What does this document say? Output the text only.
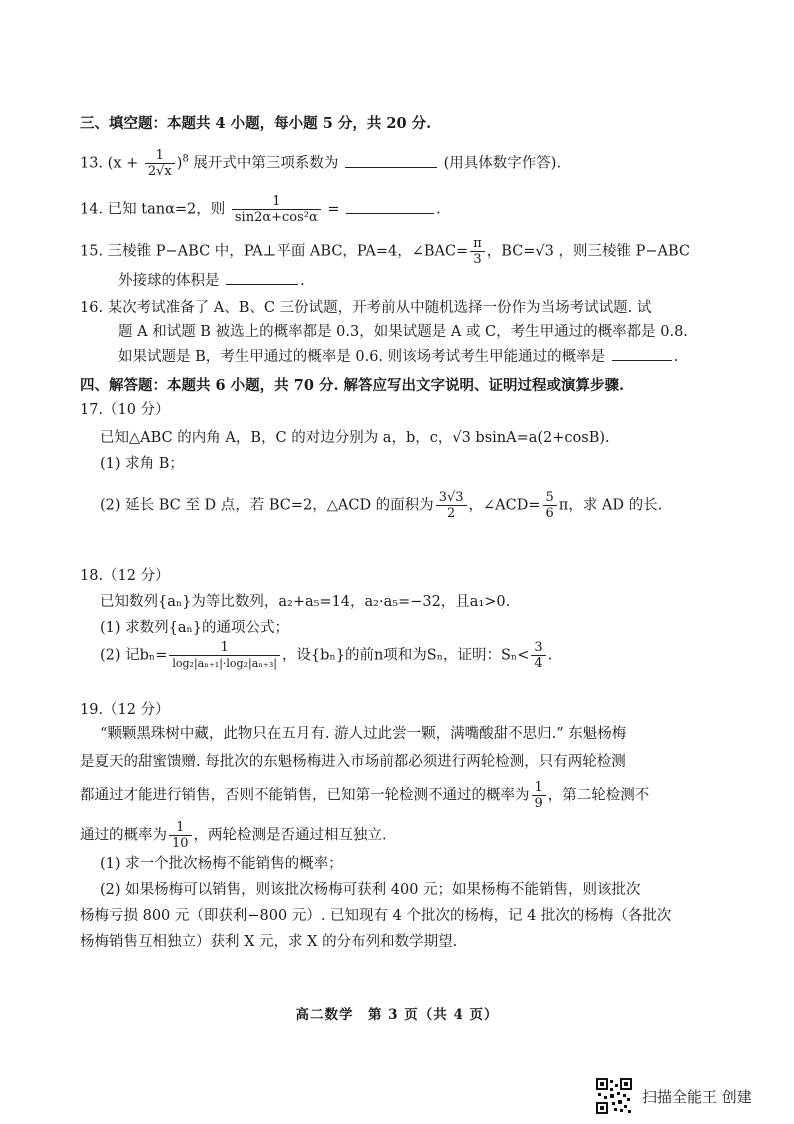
三、填空题：本题共 4 小题，每小题 5 分，共 20 分.
13. $(x + \frac{1}{2√x} )^8$ 展开式中第三项系数为	(用具体数字作答).
14. 已知 tanα=2，则 $\frac{1}{\text{sin2α+cos²α}}$ =	.
15. 三棱锥 P−ABC 中，PA⊥平面 ABC，PA=4，∠BAC= $\frac{\pi}{3}$ ，BC=√3 ，则三棱锥 P−ABC
外接球的体积是	.
16. 某次考试准备了 A、B、C 三份试题，开考前从中随机选择一份作为当场考试试题. 试
题 A 和试题 B 被选上的概率都是 0.3，如果试题是 A 或 C，考生甲通过的概率都是 0.8.
如果试题是 B，考生甲通过的概率是 0.6. 则该场考试考生甲能通过的概率是	.
四、解答题：本题共 6 小题，共 70 分. 解答应写出文字说明、证明过程或演算步骤.
17.（10 分）
已知△ABC 的内角 A，B，C 的对边分别为 a，b，c，√3 bsinA=a(2+cosB).
(1) 求角 B；
(2) 延长 BC 至 D 点，若 BC=2，△ACD 的面积为 $\frac{3√3}{2}$ ，∠ACD= $\frac{5}{6}$ π，求 AD 的长.
18.（12 分）
已知数列{aₙ}为等比数列，a₂+a₅=14，a₂·a₅=−32，且a₁>0.
(1) 求数列{aₙ}的通项公式；
(2) 记$b_n= \frac{1}{\text{log₂|aₙ₊₁|·log₂|aₙ₊₃|}}$ ，设{bₙ}的前n项和为Sₙ，证明：$S_n< \frac{3}{4}$ .
19.（12 分）
“颗颗黑珠树中藏，此物只在五月有. 游人过此尝一颗，满嘴酸甜不思归.” 东魁杨梅
是夏天的甜蜜馈赠. 每批次的东魁杨梅进入市场前都必须进行两轮检测，只有两轮检测
都通过才能进行销售，否则不能销售，已知第一轮检测不通过的概率为 $\frac{1}{9}$ ，第二轮检测不
通过的概率为 $\frac{1}{10}$ ，两轮检测是否通过相互独立.
(1) 求一个批次杨梅不能销售的概率；
(2) 如果杨梅可以销售，则该批次杨梅可获利 400 元；如果杨梅不能销售，则该批次
杨梅亏损 800 元（即获利−800 元）. 已知现有 4 个批次的杨梅，记 4 批次的杨梅（各批次
杨梅销售互相独立）获利 X 元，求 X 的分布列和数学期望.
高二数学　第 3 页（共 4 页）
扫描全能王 创建
